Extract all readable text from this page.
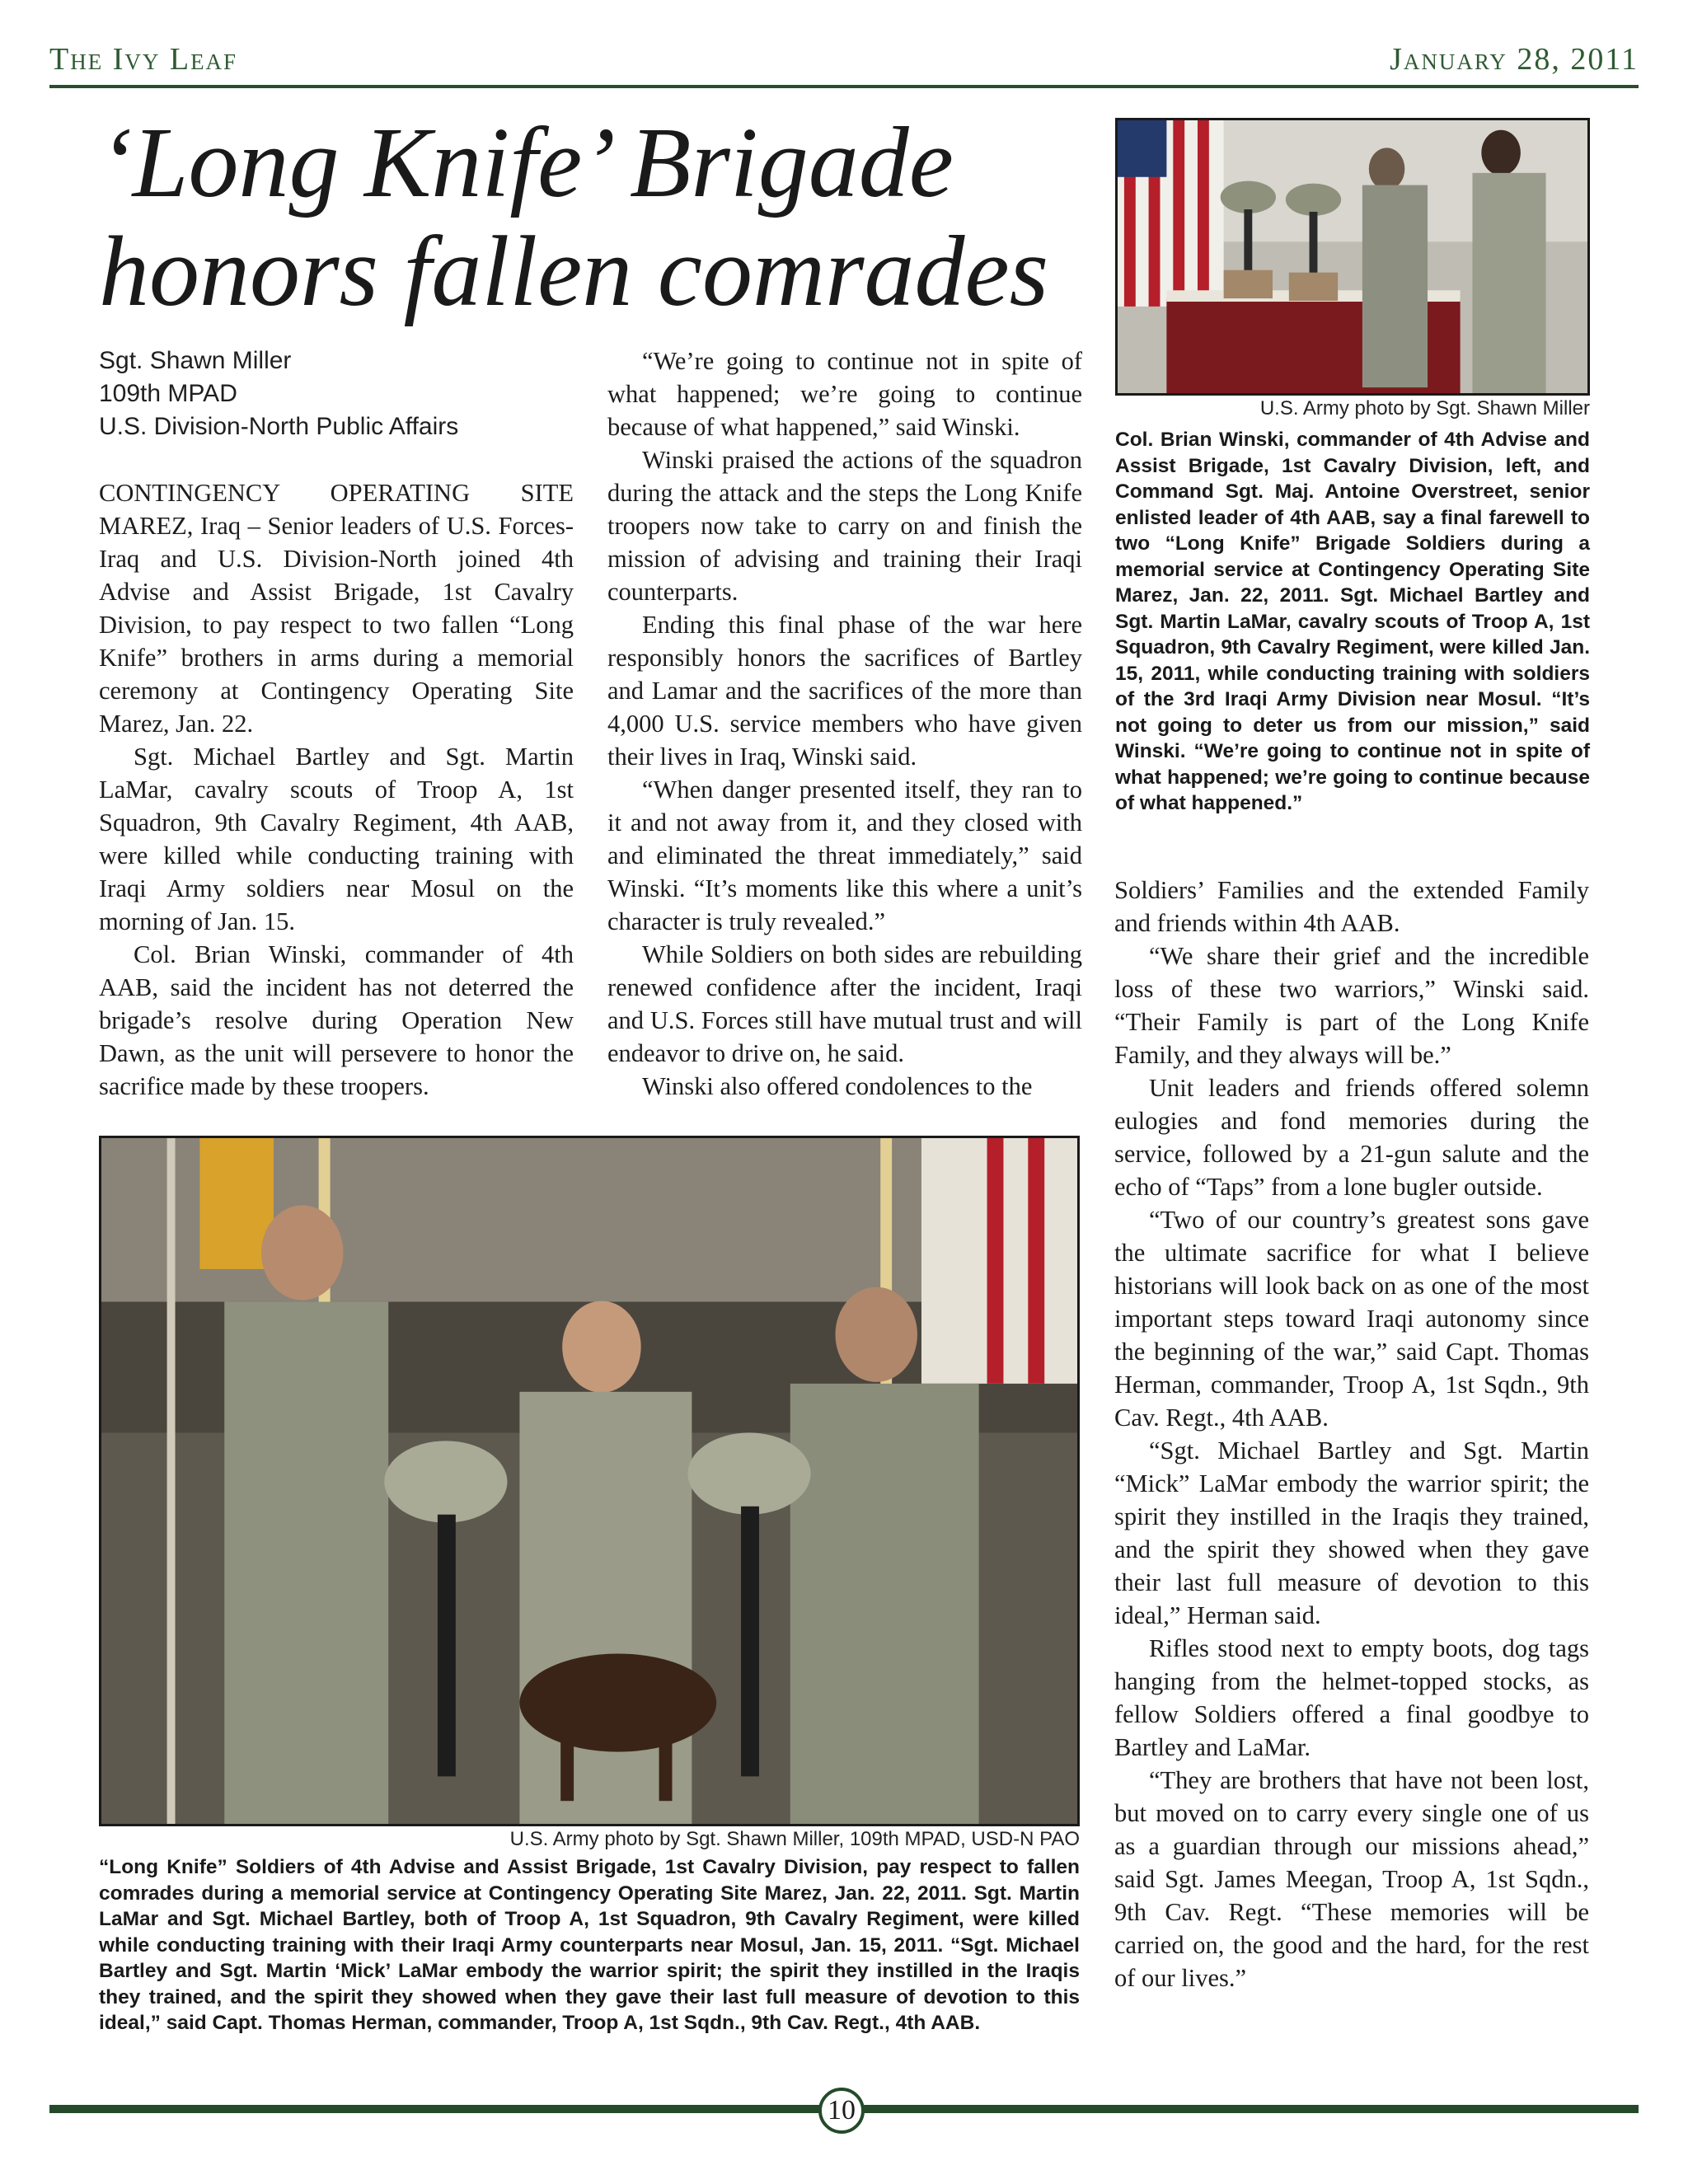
The Ivy Leaf	January 28, 2011
‘Long Knife’ Brigade
honors fallen comrades
Sgt. Shawn Miller
109th MPAD
U.S. Division-North Public Affairs

CONTINGENCY OPERATING SITE MAREZ, Iraq – Senior leaders of U.S. Forces-Iraq and U.S. Division-North joined 4th Advise and Assist Brigade, 1st Cavalry Division, to pay respect to two fallen “Long Knife” brothers in arms during a memorial ceremony at Contingency Operating Site Marez, Jan. 22.

Sgt. Michael Bartley and Sgt. Martin LaMar, cavalry scouts of Troop A, 1st Squadron, 9th Cavalry Regiment, 4th AAB, were killed while conducting training with Iraqi Army soldiers near Mosul on the morning of Jan. 15.

Col. Brian Winski, commander of 4th AAB, said the incident has not deterred the brigade’s resolve during Operation New Dawn, as the unit will persevere to honor the sacrifice made by these troopers.

“We’re going to continue not in spite of what happened; we’re going to continue because of what happened,” said Winski.

Winski praised the actions of the squadron during the attack and the steps the Long Knife troopers now take to carry on and finish the mission of advising and training their Iraqi counterparts.

Ending this final phase of the war here responsibly honors the sacrifices of Bartley and Lamar and the sacrifices of the more than 4,000 U.S. service members who have given their lives in Iraq, Winski said.

“When danger presented itself, they ran to it and not away from it, and they closed with and eliminated the threat immediately,” said Winski. “It’s moments like this where a unit’s character is truly revealed.”

While Soldiers on both sides are rebuilding renewed confidence after the incident, Iraqi and U.S. Forces still have mutual trust and will endeavor to drive on, he said.

Winski also offered condolences to the

U.S. Army photo by Sgt. Shawn Miller
Col. Brian Winski, commander of 4th Advise and Assist Brigade, 1st Cavalry Division, left, and Command Sgt. Maj. Antoine Overstreet, senior enlisted leader of 4th AAB, say a final farewell to two “Long Knife” Brigade Soldiers during a memorial service at Contingency Operating Site Marez, Jan. 22, 2011. Sgt. Michael Bartley and Sgt. Martin LaMar, cavalry scouts of Troop A, 1st Squadron, 9th Cavalry Regiment, were killed Jan. 15, 2011, while conducting training with soldiers of the 3rd Iraqi Army Division near Mosul. “It’s not going to deter us from our mission,” said Winski. “We’re going to continue not in spite of what happened; we’re going to continue because of what happened.”

Soldiers’ Families and the extended Family and friends within 4th AAB.

“We share their grief and the incredible loss of these two warriors,” Winski said. “Their Family is part of the Long Knife Family, and they always will be.”

Unit leaders and friends offered solemn eulogies and fond memories during the service, followed by a 21-gun salute and the echo of “Taps” from a lone bugler outside.

“Two of our country’s greatest sons gave the ultimate sacrifice for what I believe historians will look back on as one of the most important steps toward Iraqi autonomy since the beginning of the war,” said Capt. Thomas Herman, commander, Troop A, 1st Sqdn., 9th Cav. Regt., 4th AAB.

“Sgt. Michael Bartley and Sgt. Martin “Mick” LaMar embody the warrior spirit; the spirit they instilled in the Iraqis they trained, and the spirit they showed when they gave their last full measure of devotion to this ideal,” Herman said.

Rifles stood next to empty boots, dog tags hanging from the helmet-topped stocks, as fellow Soldiers offered a final goodbye to Bartley and LaMar.

“They are brothers that have not been lost, but moved on to carry every single one of us as a guardian through our missions ahead,” said Sgt. James Meegan, Troop A, 1st Sqdn., 9th Cav. Regt. “These memories will be carried on, the good and the hard, for the rest of our lives.”

U.S. Army photo by Sgt. Shawn Miller, 109th MPAD, USD-N PAO
“Long Knife” Soldiers of 4th Advise and Assist Brigade, 1st Cavalry Division, pay respect to fallen comrades during a memorial service at Contingency Operating Site Marez, Jan. 22, 2011. Sgt. Martin LaMar and Sgt. Michael Bartley, both of Troop A, 1st Squadron, 9th Cavalry Regiment, were killed while conducting training with their Iraqi Army counterparts near Mosul, Jan. 15, 2011. “Sgt. Michael Bartley and Sgt. Martin ‘Mick’ LaMar embody the warrior spirit; the spirit they instilled in the Iraqis they trained, and the spirit they showed when they gave their last full measure of devotion to this ideal,” said Capt. Thomas Herman, commander, Troop A, 1st Sqdn., 9th Cav. Regt., 4th AAB.
10
